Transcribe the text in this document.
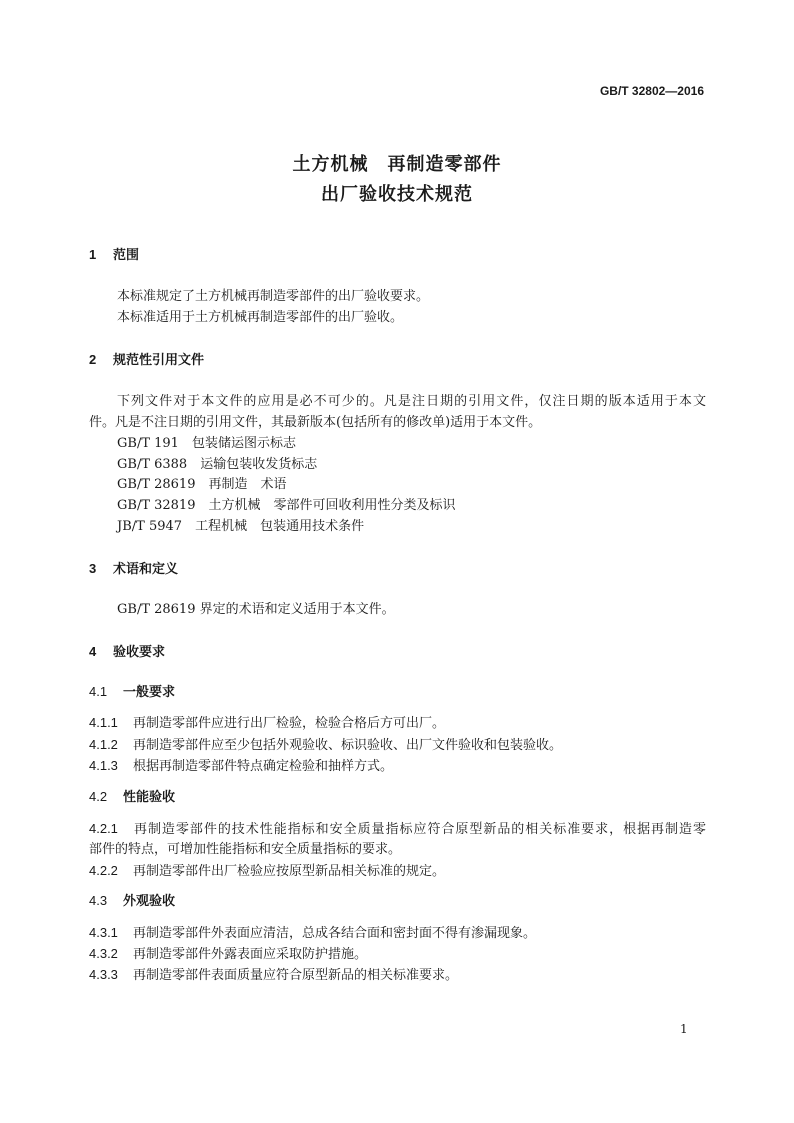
GB/T 32802—2016
土方机械　再制造零部件
出厂验收技术规范
1 范围
本标准规定了土方机械再制造零部件的出厂验收要求。
本标准适用于土方机械再制造零部件的出厂验收。
2 规范性引用文件
下列文件对于本文件的应用是必不可少的。凡是注日期的引用文件，仅注日期的版本适用于本文
件。凡是不注日期的引用文件，其最新版本(包括所有的修改单)适用于本文件。
GB/T 191　 包装储运图示标志
GB/T 6388　 运输包装收发货标志
GB/T 28619　 再制造　术语
GB/T 32819　 土方机械　零部件可回收利用性分类及标识
JB/T 5947　 工程机械　包装通用技术条件
3 术语和定义
GB/T 28619 界定的术语和定义适用于本文件。
4 验收要求
4.1 一般要求
4.1.1 再制造零部件应进行出厂检验，检验合格后方可出厂。
4.1.2 再制造零部件应至少包括外观验收、标识验收、出厂文件验收和包装验收。
4.1.3 根据再制造零部件特点确定检验和抽样方式。
4.2 性能验收
4.2.1 再制造零部件的技术性能指标和安全质量指标应符合原型新品的相关标准要求，根据再制造零
部件的特点，可增加性能指标和安全质量指标的要求。
4.2.2 再制造零部件出厂检验应按原型新品相关标准的规定。
4.3 外观验收
4.3.1 再制造零部件外表面应清洁，总成各结合面和密封面不得有渗漏现象。
4.3.2 再制造零部件外露表面应采取防护措施。
4.3.3 再制造零部件表面质量应符合原型新品的相关标准要求。
1
